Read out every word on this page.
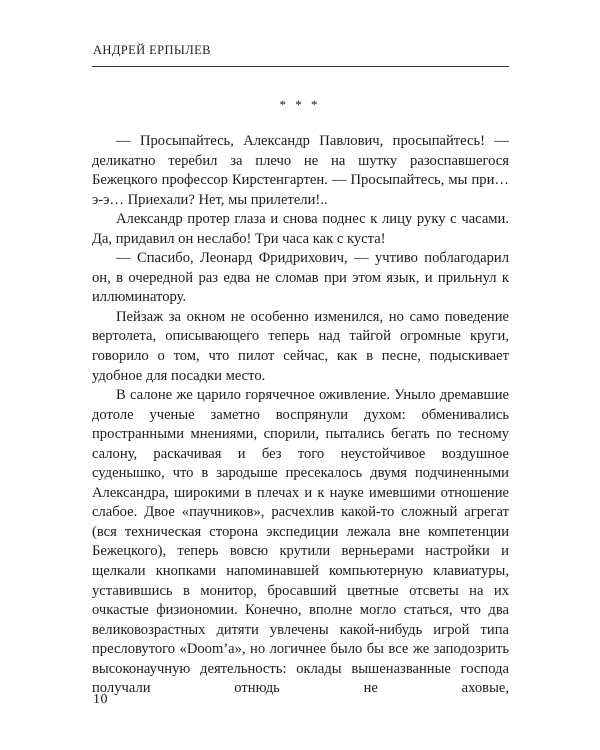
АНДРЕЙ ЕРПЫЛЕВ
* * *

— Просыпайтесь, Александр Павлович, просыпайтесь! — деликатно теребил за плечо не на шутку разоспавшегося Бежецкого профессор Кирстенгартен. — Просыпайтесь, мы при… э-э… Приехали? Нет, мы прилетели!..

Александр протер глаза и снова поднес к лицу руку с часами. Да, придавил он неслабо! Три часа как с куста!

— Спасибо, Леонард Фридрихович, — учтиво поблагодарил он, в очередной раз едва не сломав при этом язык, и прильнул к иллюминатору.

Пейзаж за окном не особенно изменился, но само поведение вертолета, описывающего теперь над тайгой огромные круги, говорило о том, что пилот сейчас, как в песне, подыскивает удобное для посадки место.

В салоне же царило горячечное оживление. Уныло дремавшие дотоле ученые заметно воспрянули духом: обменивались пространными мнениями, спорили, пытались бегать по тесному салону, раскачивая и без того неустойчивое воздушное суденышко, что в зародыше пресекалось двумя подчиненными Александра, широкими в плечах и к науке имевшими отношение слабое. Двое «паучников», расчехлив какой-то сложный агрегат (вся техническая сторона экспедиции лежала вне компетенции Бежецкого), теперь вовсю крутили верньерами настройки и щелкали кнопками напоминавшей компьютерную клавиатуры, уставившись в монитор, бросавший цветные отсветы на их очкастые физиономии. Конечно, вполне могло статься, что два великовозрастных дитяти увлечены какой-нибудь игрой типа пресловутого «Doom’а», но логичнее было бы все же заподозрить высоконаучную деятельность: оклады вышеназванные господа получали отнюдь не аховые,

10
